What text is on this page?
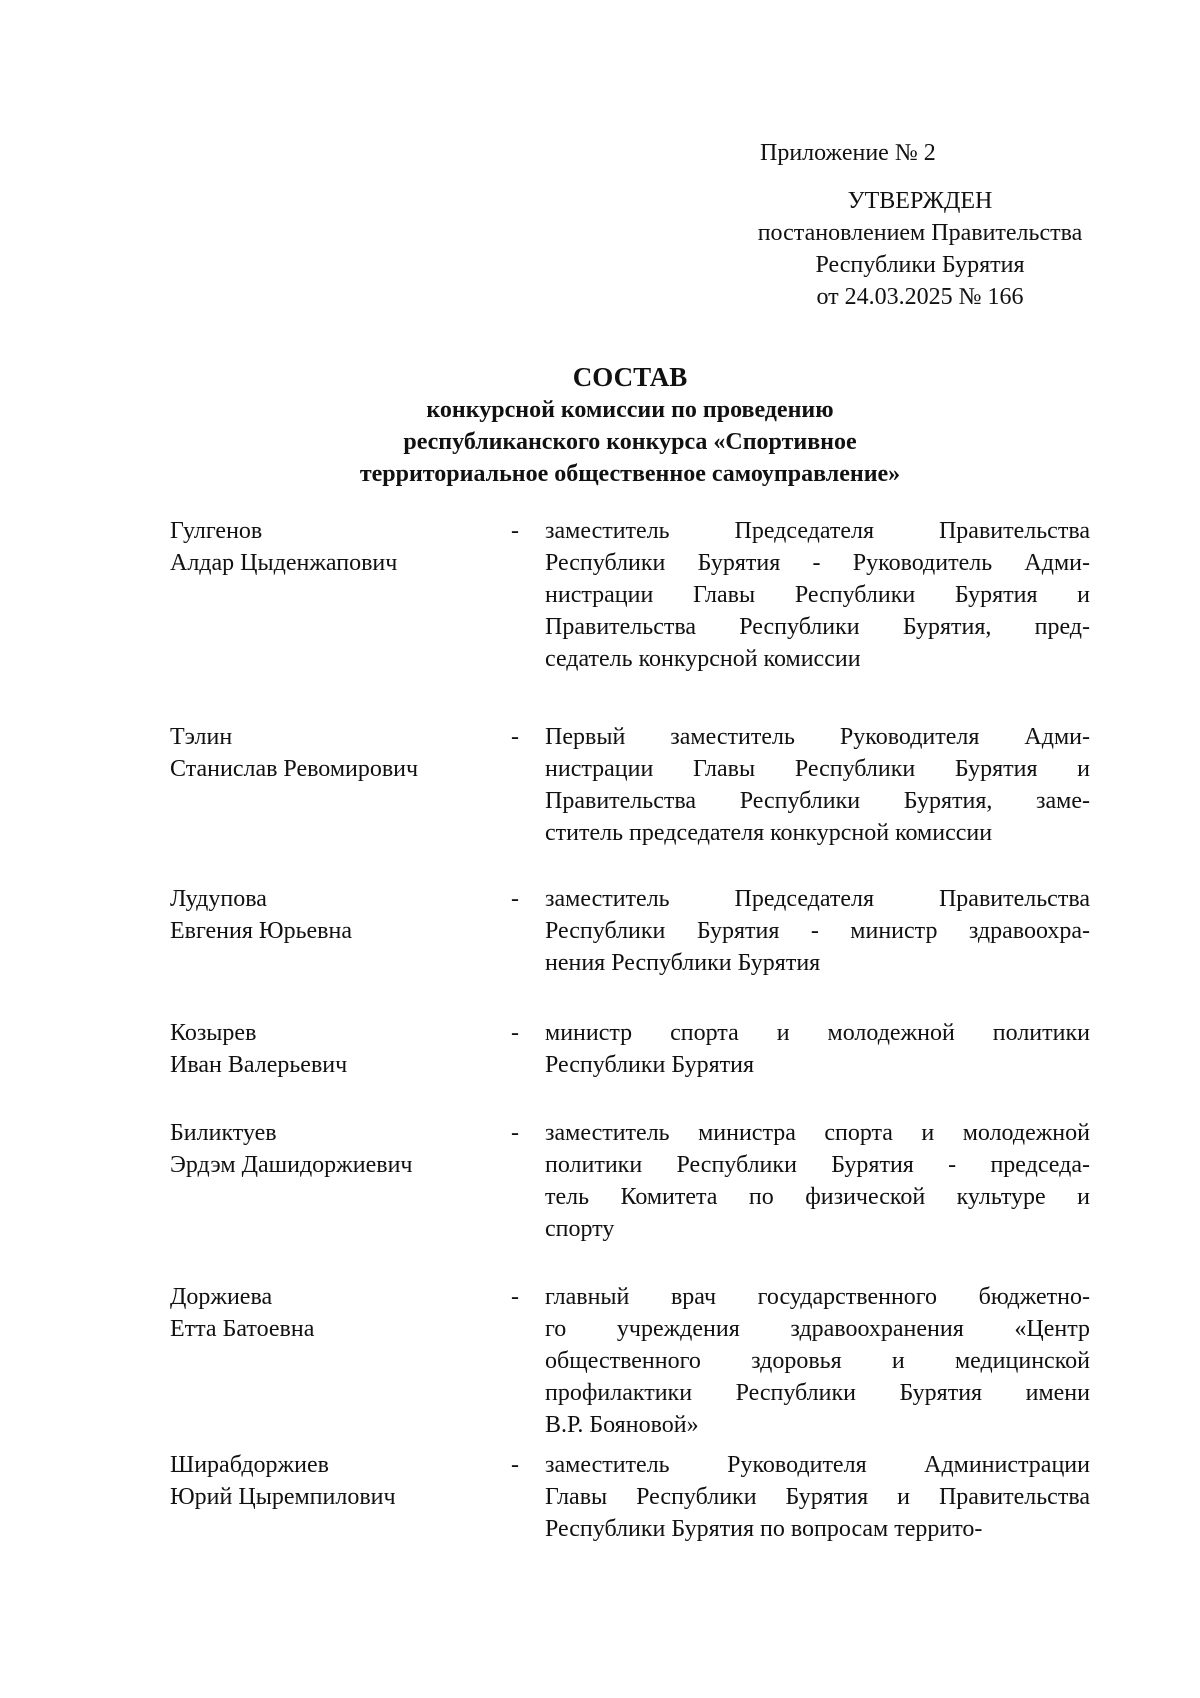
Приложение № 2
УТВЕРЖДЕН
постановлением Правительства
Республики Бурятия
от 24.03.2025 № 166
СОСТАВ
конкурсной комиссии по проведению
республиканского конкурса «Спортивное
территориальное общественное самоуправление»
Гулгенов
Алдар Цыденжапович
- заместитель Председателя Правительства
Республики Бурятия - Руководитель Адми-
нистрации Главы Республики Бурятия и
Правительства Республики Бурятия, пред-
седатель конкурсной комиссии
Тэлин
Станислав Ревомирович
- Первый заместитель Руководителя Адми-
нистрации Главы Республики Бурятия и
Правительства Республики Бурятия, заме-
ститель председателя конкурсной комиссии
Лудупова
Евгения Юрьевна
- заместитель Председателя Правительства
Республики Бурятия - министр здравоохра-
нения Республики Бурятия
Козырев
Иван Валерьевич
- министр спорта и молодежной политики
Республики Бурятия
Биликтуев
Эрдэм Дашидоржиевич
- заместитель министра спорта и молодежной
политики Республики Бурятия - председа-
тель Комитета по физической культуре и
спорту
Доржиева
Етта Батоевна
- главный врач государственного бюджетно-
го учреждения здравоохранения «Центр
общественного здоровья и медицинской
профилактики Республики Бурятия имени
В.Р. Бояновой»
Ширабдоржиев
Юрий Цыремпилович
- заместитель Руководителя Администрации
Главы Республики Бурятия и Правительства
Республики Бурятия по вопросам террито-
